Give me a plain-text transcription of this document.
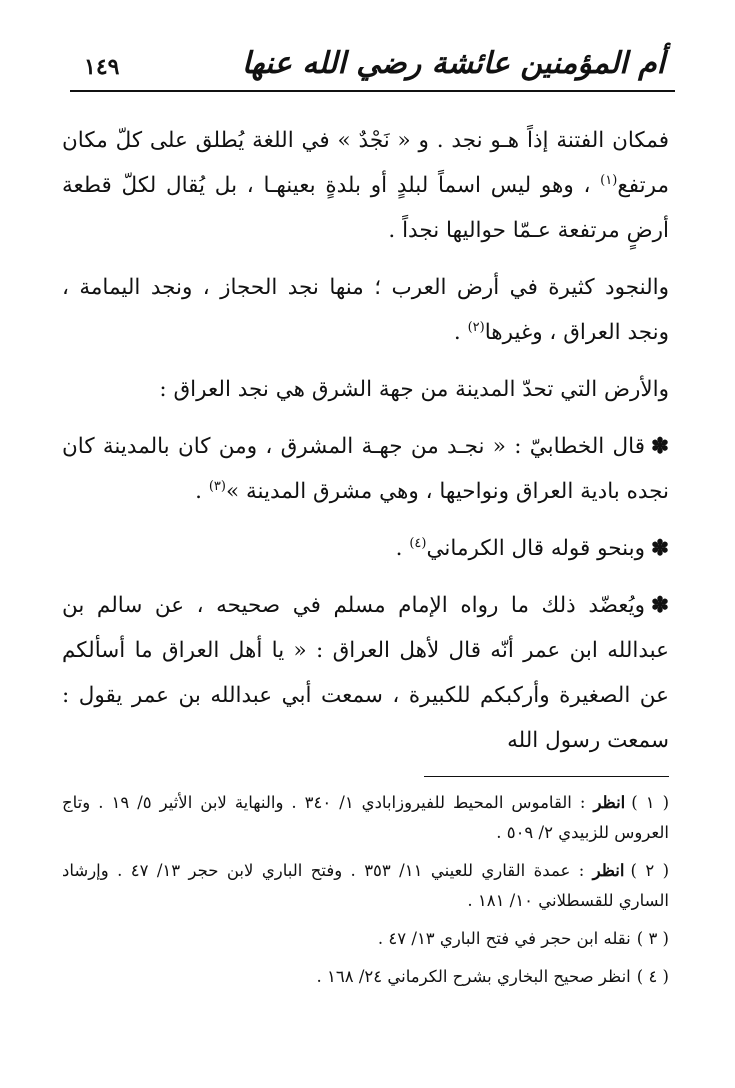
أم المؤمنين عائشة رضي الله عنها
١٤٩

فمكان الفتنة إذاً هـو نجد . و « نَجْدٌ » في اللغة يُطلق على كلّ مكان مرتفع$^{(١)}$ ، وهو ليس اسماً لبلدٍ أو بلدةٍ بعينهـا ، بل يُقال لكلّ قطعة أرضٍ مرتفعة عـمّا حواليها نجداً .

والنجود كثيرة في أرض العرب ؛ منها نجد الحجاز ، ونجد اليمامة ، ونجد العراق ، وغيرها$^{(٢)}$ .

والأرض التي تحدّ المدينة من جهة الشرق هي نجد العراق :

✽قال الخطابيّ : « نجـد من جهـة المشرق ، ومن كان بالمدينة كان نجده بادية العراق ونواحيها ، وهي مشرق المدينة »$^{(٣)}$ .

✽وبنحو قوله قال الكرماني$^{(٤)}$ .

✽ويُعضّد ذلك ما رواه الإمام مسلم في صحيحه ، عن سالم بن عبدالله ابن عمر أنّه قال لأهل العراق : « يا أهل العراق ما أسألكم عن الصغيرة وأركبكم للكبيرة ، سمعت أبي عبدالله بن عمر يقول : سمعت رسول الله

( ١ )انظر : القاموس المحيط للفيروزابادي ١/ ٣٤٠ . والنهاية لابن الأثير ٥/ ١٩ . وتاج العروس للزبيدي ٢/ ٥٠٩ .

( ٢ )انظر : عمدة القاري للعيني ١١/ ٣٥٣ . وفتح الباري لابن حجر ١٣/ ٤٧ . وإرشاد الساري للقسطلاني ١٠/ ١٨١ .

( ٣ )نقله ابن حجر في فتح الباري ١٣/ ٤٧ .

( ٤ )انظر صحيح البخاري بشرح الكرماني ٢٤/ ١٦٨ .
